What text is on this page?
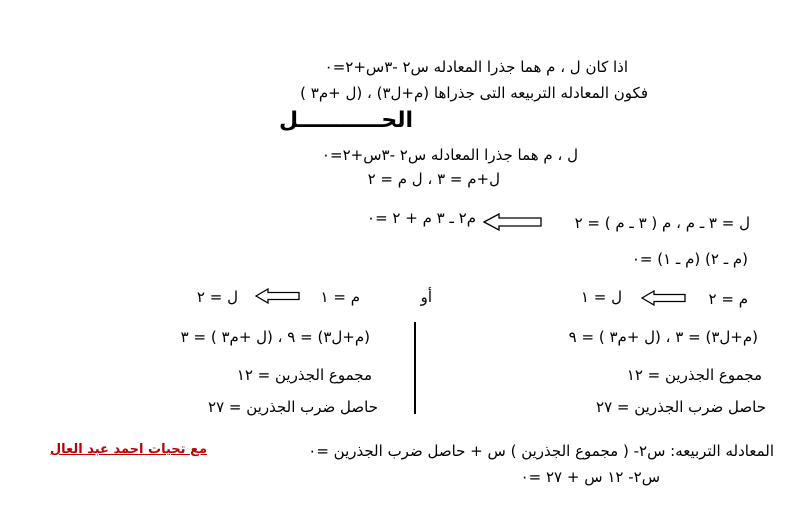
اذا كان ل ، م هما جذرا المعادله س٢ -٣س+٢=٠
فكون المعادله التربيعه التى جذراها (م+ل٣) ، (ل +م٣ )
الحـــــــــــل
ل ، م هما جذرا المعادله س٢ -٣س+٢=٠
ل+م = ٣ ، ل م = ٢
ل = ٣ ـ م ، م ( ٣ ـ م ) = ٢
م٢ ـ ٣ م + ٢ =٠
(م ـ ٢) (م ـ ١) =٠
م = ٢
ل = ١
أو
م = ١
ل = ٢
(م+ل٣) = ٣ ، (ل +م٣ ) = ٩
مجموع الجذرين = ١٢
حاصل ضرب الجذرين = ٢٧
(م+ل٣) = ٩ ، (ل +م٣ ) = ٣
مجموع الجذرين = ١٢
حاصل ضرب الجذرين = ٢٧
مع تحيات احمد عبد العال	المعادله التربيعه: س٢- ( مجموع الجذرين ) س + حاصل ضرب الجذرين =٠
س٢- ١٢ س + ٢٧ =٠
